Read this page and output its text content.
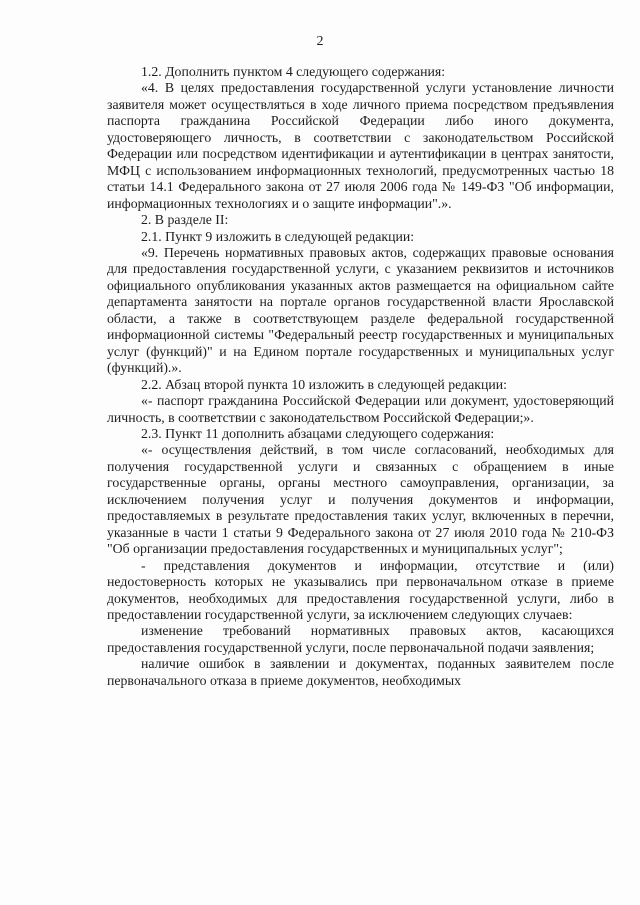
2

1.2. Дополнить пунктом 4 следующего содержания:

«4. В целях предоставления государственной услуги установление личности заявителя может осуществляться в ходе личного приема посредством предъявления паспорта гражданина Российской Федерации либо иного документа, удостоверяющего личность, в соответствии с законодательством Российской Федерации или посредством идентификации и аутентификации в центрах занятости, МФЦ с использованием информационных технологий, предусмотренных частью 18 статьи 14.1 Федерального закона от 27 июля 2006 года № 149-ФЗ "Об информации, информационных технологиях и о защите информации".».

2. В разделе II:

2.1. Пункт 9 изложить в следующей редакции:

«9. Перечень нормативных правовых актов, содержащих правовые основания для предоставления государственной услуги, с указанием реквизитов и источников официального опубликования указанных актов размещается на официальном сайте департамента занятости на портале органов государственной власти Ярославской области, а также в соответствующем разделе федеральной государственной информационной системы "Федеральный реестр государственных и муниципальных услуг (функций)" и на Едином портале государственных и муниципальных услуг (функций).».

2.2. Абзац второй пункта 10 изложить в следующей редакции:

«- паспорт гражданина Российской Федерации или документ, удостоверяющий личность, в соответствии с законодательством Российской Федерации;».

2.3. Пункт 11 дополнить абзацами следующего содержания:

«- осуществления действий, в том числе согласований, необходимых для получения государственной услуги и связанных с обращением в иные государственные органы, органы местного самоуправления, организации, за исключением получения услуг и получения документов и информации, предоставляемых в результате предоставления таких услуг, включенных в перечни, указанные в части 1 статьи 9 Федерального закона от 27 июля 2010 года № 210-ФЗ "Об организации предоставления государственных и муниципальных услуг";

- представления документов и информации, отсутствие и (или) недостоверность которых не указывались при первоначальном отказе в приеме документов, необходимых для предоставления государственной услуги, либо в предоставлении государственной услуги, за исключением следующих случаев:

изменение требований нормативных правовых актов, касающихся предоставления государственной услуги, после первоначальной подачи заявления;

наличие ошибок в заявлении и документах, поданных заявителем после первоначального отказа в приеме документов, необходимых
